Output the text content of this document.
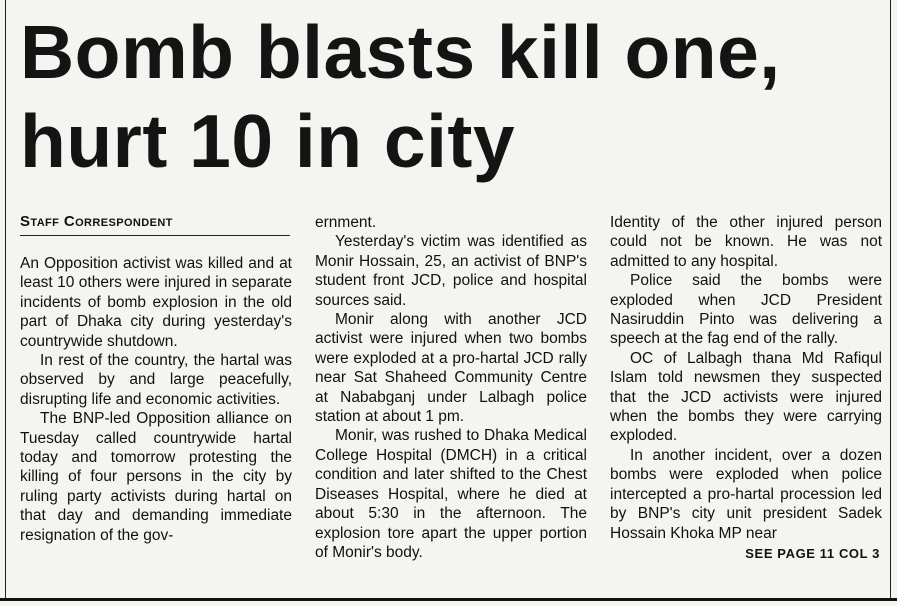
Bomb blasts kill one, hurt 10 in city
Staff Correspondent

An Opposition activist was killed and at least 10 others were injured in separate incidents of bomb explosion in the old part of Dhaka city during yesterday's countrywide shutdown.

In rest of the country, the hartal was observed by and large peacefully, disrupting life and economic activities.

The BNP-led Opposition alliance on Tuesday called countrywide hartal today and tomorrow protesting the killing of four persons in the city by ruling party activists during hartal on that day and demanding immediate resignation of the gov-

ernment.

Yesterday's victim was identified as Monir Hossain, 25, an activist of BNP's student front JCD, police and hospital sources said.

Monir along with another JCD activist were injured when two bombs were exploded at a pro-hartal JCD rally near Sat Shaheed Community Centre at Nababganj under Lalbagh police station at about 1 pm.

Monir, was rushed to Dhaka Medical College Hospital (DMCH) in a critical condition and later shifted to the Chest Diseases Hospital, where he died at about 5:30 in the afternoon. The explosion tore apart the upper portion of Monir's body.

Identity of the other injured person could not be known. He was not admitted to any hospital.

Police said the bombs were exploded when JCD President Nasiruddin Pinto was delivering a speech at the fag end of the rally.

OC of Lalbagh thana Md Rafiqul Islam told newsmen they suspected that the JCD activists were injured when the bombs they were carrying exploded.

In another incident, over a dozen bombs were exploded when police intercepted a pro-hartal procession led by BNP's city unit president Sadek Hossain Khoka MP near

SEE PAGE 11 COL 3
